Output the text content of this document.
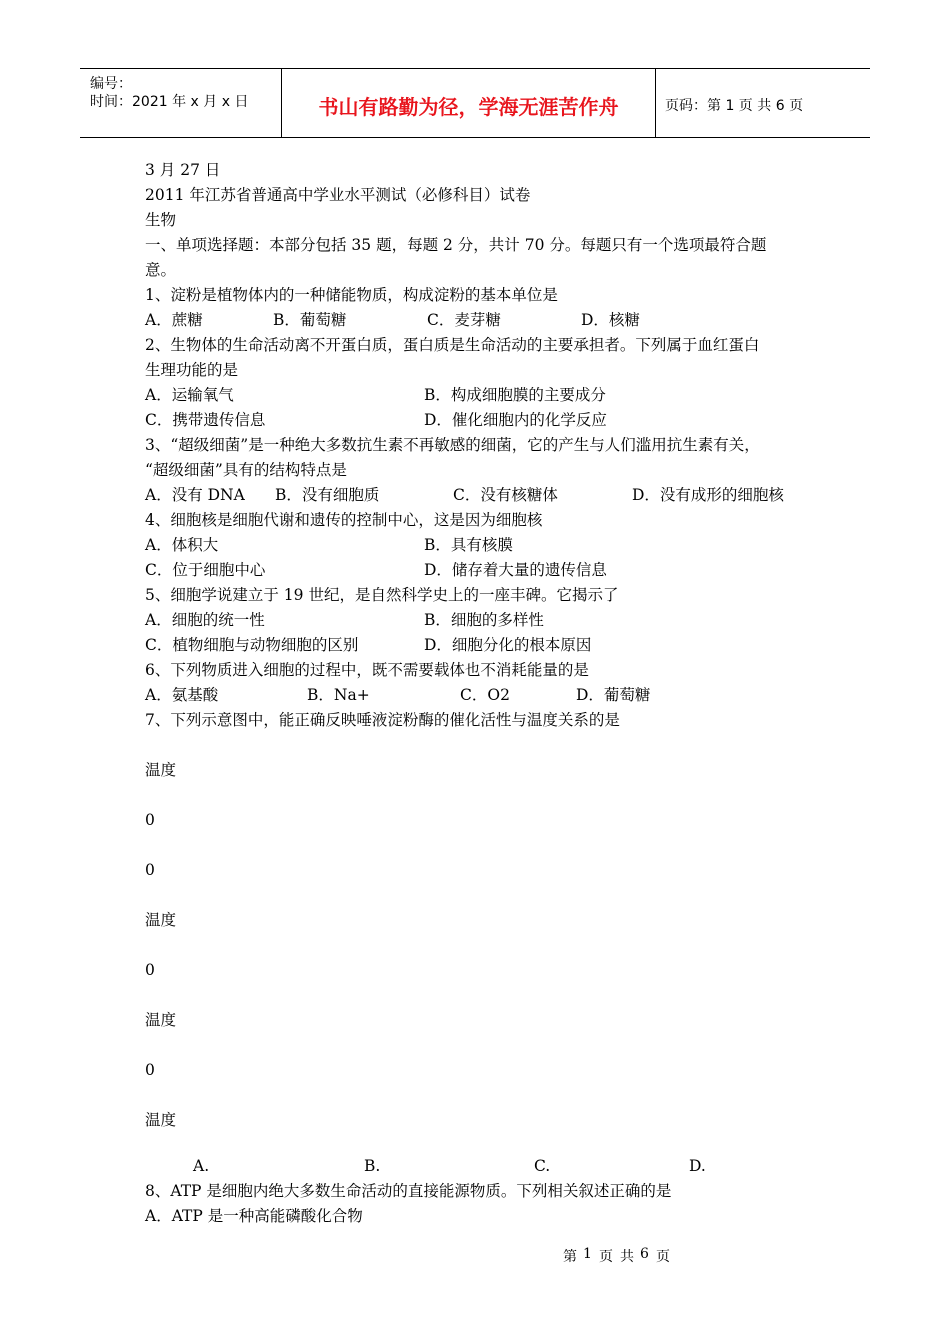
编号：
时间：2021 年 x 月 x 日	书山有路勤为径，学海无涯苦作舟	页码：第 1 页 共 6 页
3 月 27 日
2011 年江苏省普通高中学业水平测试（必修科目）试卷
生物
一、单项选择题：本部分包括 35 题，每题 2 分，共计 70 分。每题只有一个选项最符合题
意。
1、淀粉是植物体内的一种储能物质，构成淀粉的基本单位是
A．蔗糖	B．葡萄糖	C．麦芽糖	D．核糖
2、生物体的生命活动离不开蛋白质，蛋白质是生命活动的主要承担者。下列属于血红蛋白
生理功能的是
A．运输氧气	B．构成细胞膜的主要成分
C．携带遗传信息	D．催化细胞内的化学反应
3、“超级细菌”是一种绝大多数抗生素不再敏感的细菌，它的产生与人们滥用抗生素有关，
“超级细菌”具有的结构特点是
A．没有 DNA B．没有细胞质	C．没有核糖体	D．没有成形的细胞核
4、细胞核是细胞代谢和遗传的控制中心，这是因为细胞核
A．体积大	B．具有核膜
C．位于细胞中心	D．储存着大量的遗传信息
5、细胞学说建立于 19 世纪，是自然科学史上的一座丰碑。它揭示了
A．细胞的统一性	B．细胞的多样性
C．植物细胞与动物细胞的区别	D．细胞分化的根本原因
6、下列物质进入细胞的过程中，既不需要载体也不消耗能量的是
A．氨基酸	B．Na+	C．O2	D．葡萄糖
7、下列示意图中，能正确反映唾液淀粉酶的催化活性与温度关系的是
温度
0
0
温度
0
温度
0
温度
A.	B.	C.	D.
8、ATP 是细胞内绝大多数生命活动的直接能源物质。下列相关叙述正确的是
A．ATP 是一种高能磷酸化合物
第 1 页 共 6 页
